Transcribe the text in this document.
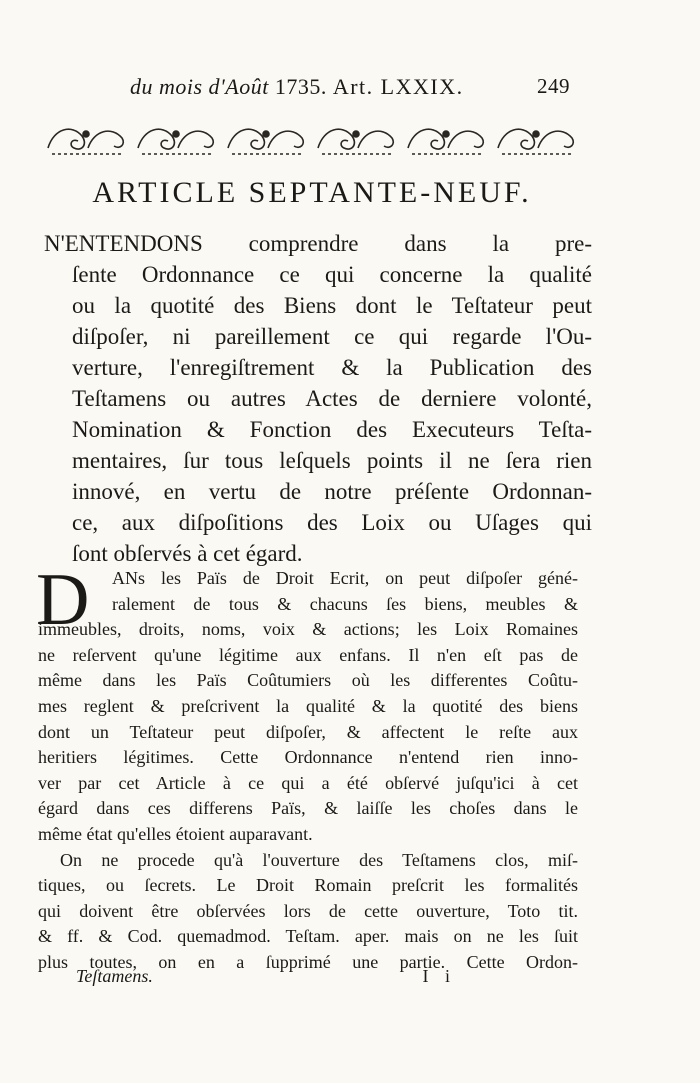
du mois d'Août 1735. Art. LXXIX.	249
ARTICLE SEPTANTE-NEUF.
N'ENTENDONS comprendre dans la pre-
ſente Ordonnance ce qui concerne la qualité
ou la quotité des Biens dont le Teſtateur peut
diſpoſer, ni pareillement ce qui regarde l'Ou-
verture, l'enregiſtrement & la Publication des
Teſtamens ou autres Actes de derniere volonté,
Nomination & Fonction des Executeurs Teſta-
mentaires, ſur tous leſquels points il ne ſera rien
innové, en vertu de notre préſente Ordonnan-
ce, aux diſpoſitions des Loix ou Uſages qui
ſont obſervés à cet égard.
D	ANs les Païs de Droit Ecrit, on peut diſpoſer géné-
ralement de tous & chacuns ſes biens, meubles &
immeubles, droits, noms, voix & actions; les Loix Romaines
ne reſervent qu'une légitime aux enfans. Il n'en eſt pas de
même dans les Païs Coûtumiers où les differentes Coûtu-
mes reglent & preſcrivent la qualité & la quotité des biens
dont un Teſtateur peut diſpoſer, & affectent le reſte aux
heritiers légitimes. Cette Ordonnance n'entend rien inno-
ver par cet Article à ce qui a été obſervé juſqu'ici à cet
égard dans ces differens Païs, & laiſſe les choſes dans le
même état qu'elles étoient auparavant.
On ne procede qu'à l'ouverture des Teſtamens clos, miſ-
tiques, ou ſecrets. Le Droit Romain preſcrit les formalités
qui doivent être obſervées lors de cette ouverture, Toto tit.
& ff. & Cod. quemadmod. Teſtam. aper. mais on ne les ſuit
plus toutes, on en a ſupprimé une partie. Cette Ordon-
Teſtamens.	I i
